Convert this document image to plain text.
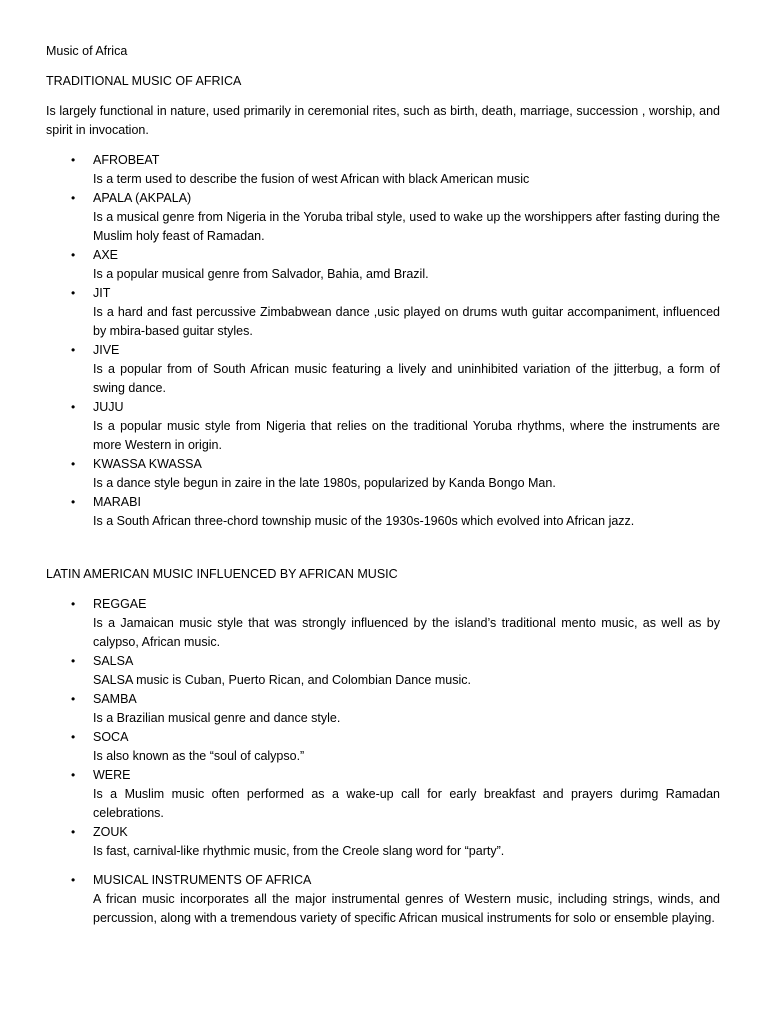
Music of Africa

TRADITIONAL MUSIC OF AFRICA

Is largely functional in nature, used primarily in ceremonial rites, such as birth, death, marriage, succession , worship, and spirit in invocation.

• AFROBEAT
Is a term used to describe the fusion of west African with black American music
• APALA (AKPALA)
Is a musical genre from Nigeria in the Yoruba tribal style, used to wake up the worshippers after fasting during the Muslim holy feast of Ramadan.
• AXE
Is a popular musical genre from Salvador, Bahia, amd Brazil.
• JIT
Is a hard and fast percussive Zimbabwean dance ,usic played on drums wuth guitar accompaniment, influenced by mbira-based guitar styles.
• JIVE
Is a popular from of South African music featuring a lively and uninhibited variation of the jitterbug, a form of swing dance.
• JUJU
Is a popular music style from Nigeria that relies on the traditional Yoruba rhythms, where the instruments are more Western in origin.
• KWASSA KWASSA
Is a dance style begun in zaire in the late 1980s, popularized by Kanda Bongo Man.
• MARABI
Is a South African three-chord township music of the 1930s-1960s which evolved into African jazz.

LATIN AMERICAN MUSIC INFLUENCED BY AFRICAN MUSIC

• REGGAE
Is a Jamaican music style that was strongly influenced by the island’s traditional mento music, as well as by calypso, African music.
• SALSA
SALSA music is Cuban, Puerto Rican, and Colombian Dance music.
• SAMBA
Is a Brazilian musical genre and dance style.
• SOCA
Is also known as the “soul of calypso.”
• WERE
Is a Muslim music often performed as a wake-up call for early breakfast and prayers durimg Ramadan celebrations.
• ZOUK
Is fast, carnival-like rhythmic music, from the Creole slang word for “party”.
• MUSICAL INSTRUMENTS OF AFRICA
A frican music incorporates all the major instrumental genres of Western music, including strings, winds, and percussion, along with a tremendous variety of specific African musical instruments for solo or ensemble playing.
